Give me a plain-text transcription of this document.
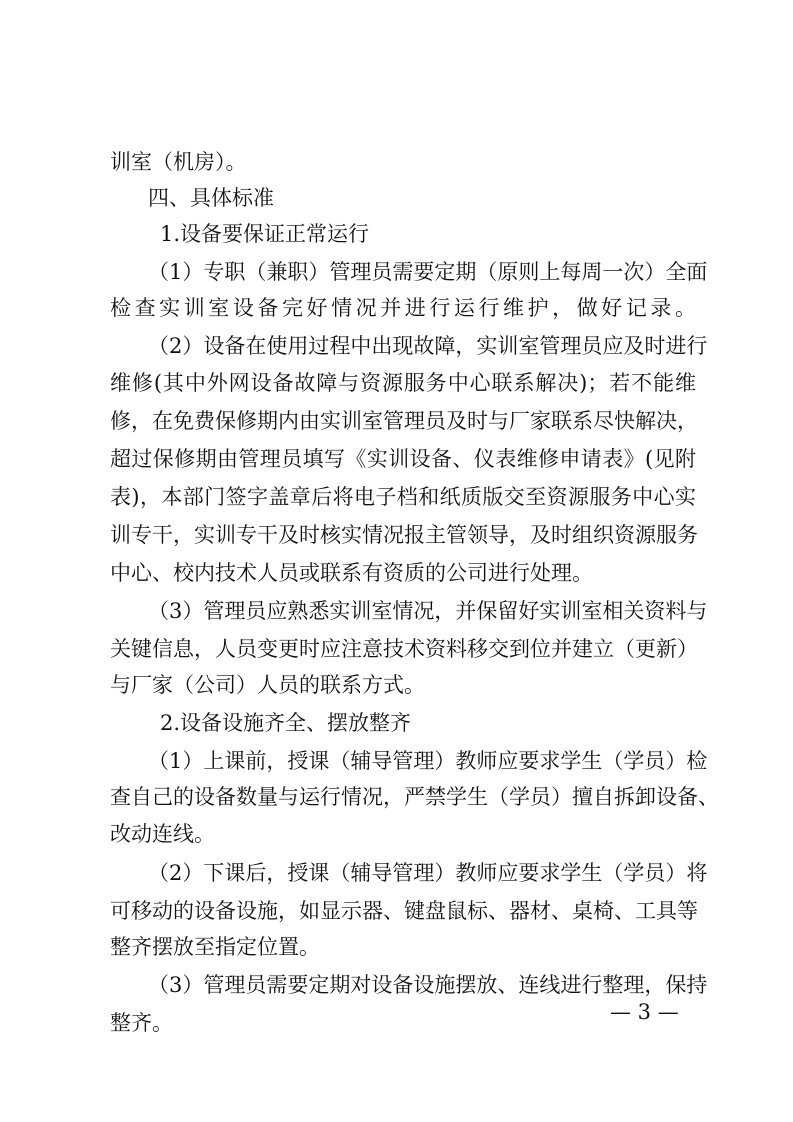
训室（机房）。
四、具体标准
1.设备要保证正常运行
（1）专职（兼职）管理员需要定期（原则上每周一次）全面
检查实训室设备完好情况并进行运行维护，做好记录。
（2）设备在使用过程中出现故障，实训室管理员应及时进行
维修(其中外网设备故障与资源服务中心联系解决)；若不能维
修，在免费保修期内由实训室管理员及时与厂家联系尽快解决，
超过保修期由管理员填写《实训设备、仪表维修申请表》(见附
表)，本部门签字盖章后将电子档和纸质版交至资源服务中心实
训专干，实训专干及时核实情况报主管领导，及时组织资源服务
中心、校内技术人员或联系有资质的公司进行处理。
（3）管理员应熟悉实训室情况，并保留好实训室相关资料与
关键信息，人员变更时应注意技术资料移交到位并建立（更新）
与厂家（公司）人员的联系方式。
2.设备设施齐全、摆放整齐
（1）上课前，授课（辅导管理）教师应要求学生（学员）检
查自己的设备数量与运行情况，严禁学生（学员）擅自拆卸设备、
改动连线。
（2）下课后，授课（辅导管理）教师应要求学生（学员）将
可移动的设备设施，如显示器、键盘鼠标、器材、桌椅、工具等
整齐摆放至指定位置。
（3）管理员需要定期对设备设施摆放、连线进行整理，保持
整齐。	— 3 —
